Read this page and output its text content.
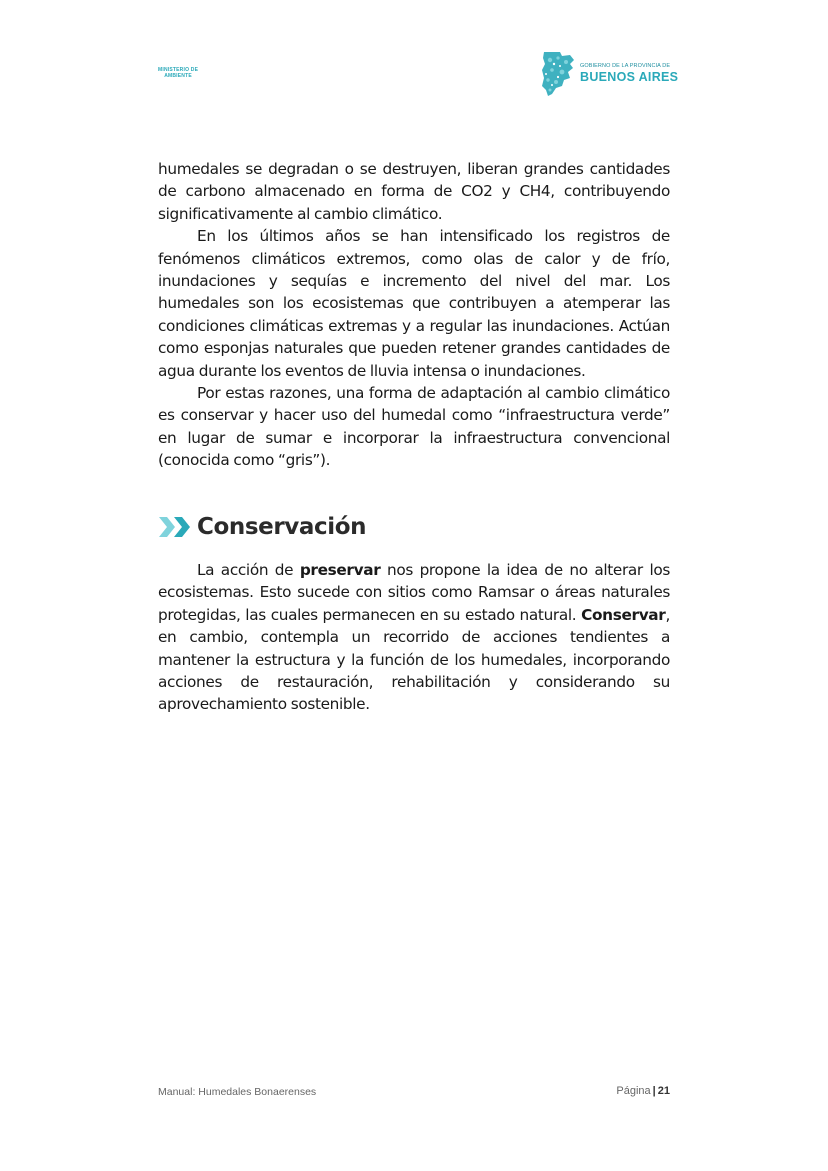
MINISTERIO DE
AMBIENTE
GOBIERNO DE LA PROVINCIA DE
BUENOS AIRES

humedales se degradan o se destruyen, liberan grandes cantidades de carbono almacenado en forma de CO2 y CH4, contribuyendo significativamente al cambio climático.

En los últimos años se han intensificado los registros de fenómenos climáticos extremos, como olas de calor y de frío, inundaciones y sequías e incremento del nivel del mar. Los humedales son los ecosistemas que contribuyen a atemperar las condiciones climáticas extremas y a regular las inundaciones. Actúan como esponjas naturales que pueden retener grandes cantidades de agua durante los eventos de lluvia intensa o inundaciones.

Por estas razones, una forma de adaptación al cambio climático es conservar y hacer uso del humedal como “infraestructura verde” en lugar de sumar e incorporar la infraestructura convencional (conocida como “gris”).

Conservación

La acción de preservar nos propone la idea de no alterar los ecosistemas. Esto sucede con sitios como Ramsar o áreas naturales protegidas, las cuales permanecen en su estado natural. Conservar, en cambio, contempla un recorrido de acciones tendientes a mantener la estructura y la función de los humedales, incorporando acciones de restauración, rehabilitación y considerando su aprovechamiento sostenible.

Manual: Humedales Bonaerenses	Página | 21
